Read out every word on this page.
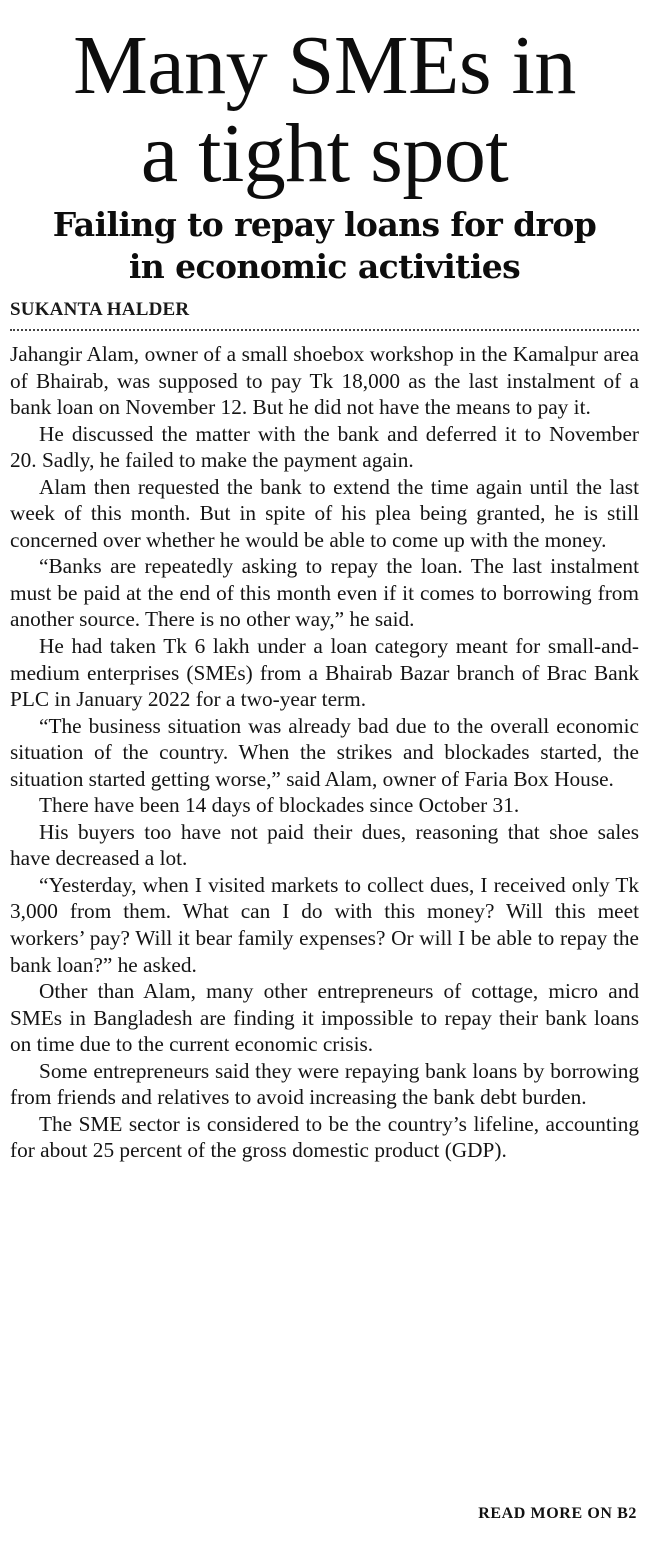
Many SMEs in
a tight spot
Failing to repay loans for drop
in economic activities
SUKANTA HALDER

Jahangir Alam, owner of a small shoebox workshop in the Kamalpur area of Bhairab, was supposed to pay Tk 18,000 as the last instalment of a bank loan on November 12. But he did not have the means to pay it.

He discussed the matter with the bank and deferred it to November 20. Sadly, he failed to make the payment again.

Alam then requested the bank to extend the time again until the last week of this month. But in spite of his plea being granted, he is still concerned over whether he would be able to come up with the money.

“Banks are repeatedly asking to repay the loan. The last instalment must be paid at the end of this month even if it comes to borrowing from another source. There is no other way,” he said.

He had taken Tk 6 lakh under a loan category meant for small-and-medium enterprises (SMEs) from a Bhairab Bazar branch of Brac Bank PLC in January 2022 for a two-year term.

“The business situation was already bad due to the overall economic situation of the country. When the strikes and blockades started, the situation started getting worse,” said Alam, owner of Faria Box House.

There have been 14 days of blockades since October 31.

His buyers too have not paid their dues, reasoning that shoe sales have decreased a lot.

“Yesterday, when I visited markets to collect dues, I received only Tk 3,000 from them. What can I do with this money? Will this meet workers’ pay? Will it bear family expenses? Or will I be able to repay the bank loan?” he asked.

Other than Alam, many other entrepreneurs of cottage, micro and SMEs in Bangladesh are finding it impossible to repay their bank loans on time due to the current economic crisis.

Some entrepreneurs said they were repaying bank loans by borrowing from friends and relatives to avoid increasing the bank debt burden.

The SME sector is considered to be the country’s lifeline, accounting for about 25 percent of the gross domestic product (GDP).

READ MORE ON B2
